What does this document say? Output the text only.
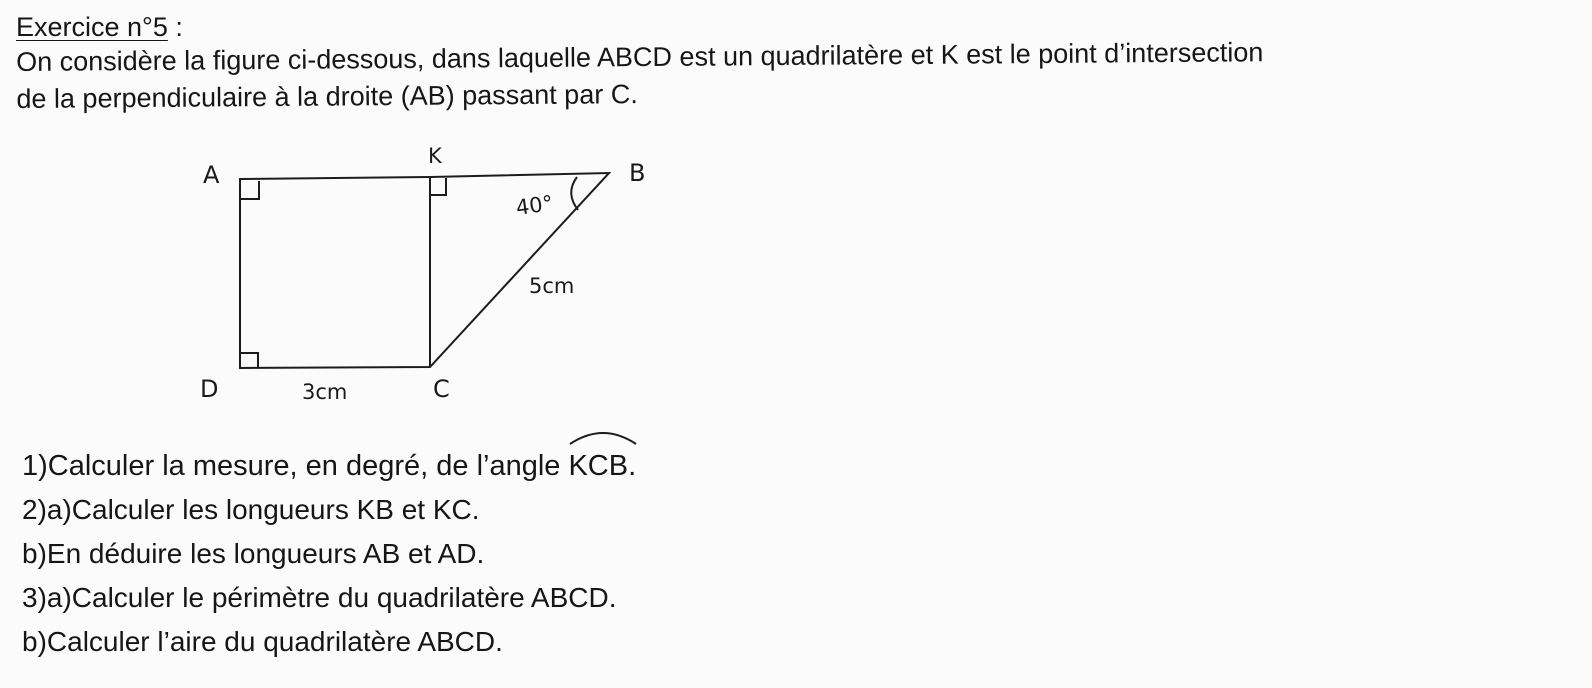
Exercice n°5 :
On considère la figure ci-dessous, dans laquelle ABCD est un quadrilatère et K est le point d’intersection
de la perpendiculaire à la droite (AB) passant par C.
A
K
B
D	C
40°
5cm
3cm
1)Calculer la mesure, en degré, de l’angle
KCB.
2)a)Calculer les longueurs KB et KC.
b)En déduire les longueurs AB et AD.
3)a)Calculer le périmètre du quadrilatère ABCD.
b)Calculer l’aire du quadrilatère ABCD.
